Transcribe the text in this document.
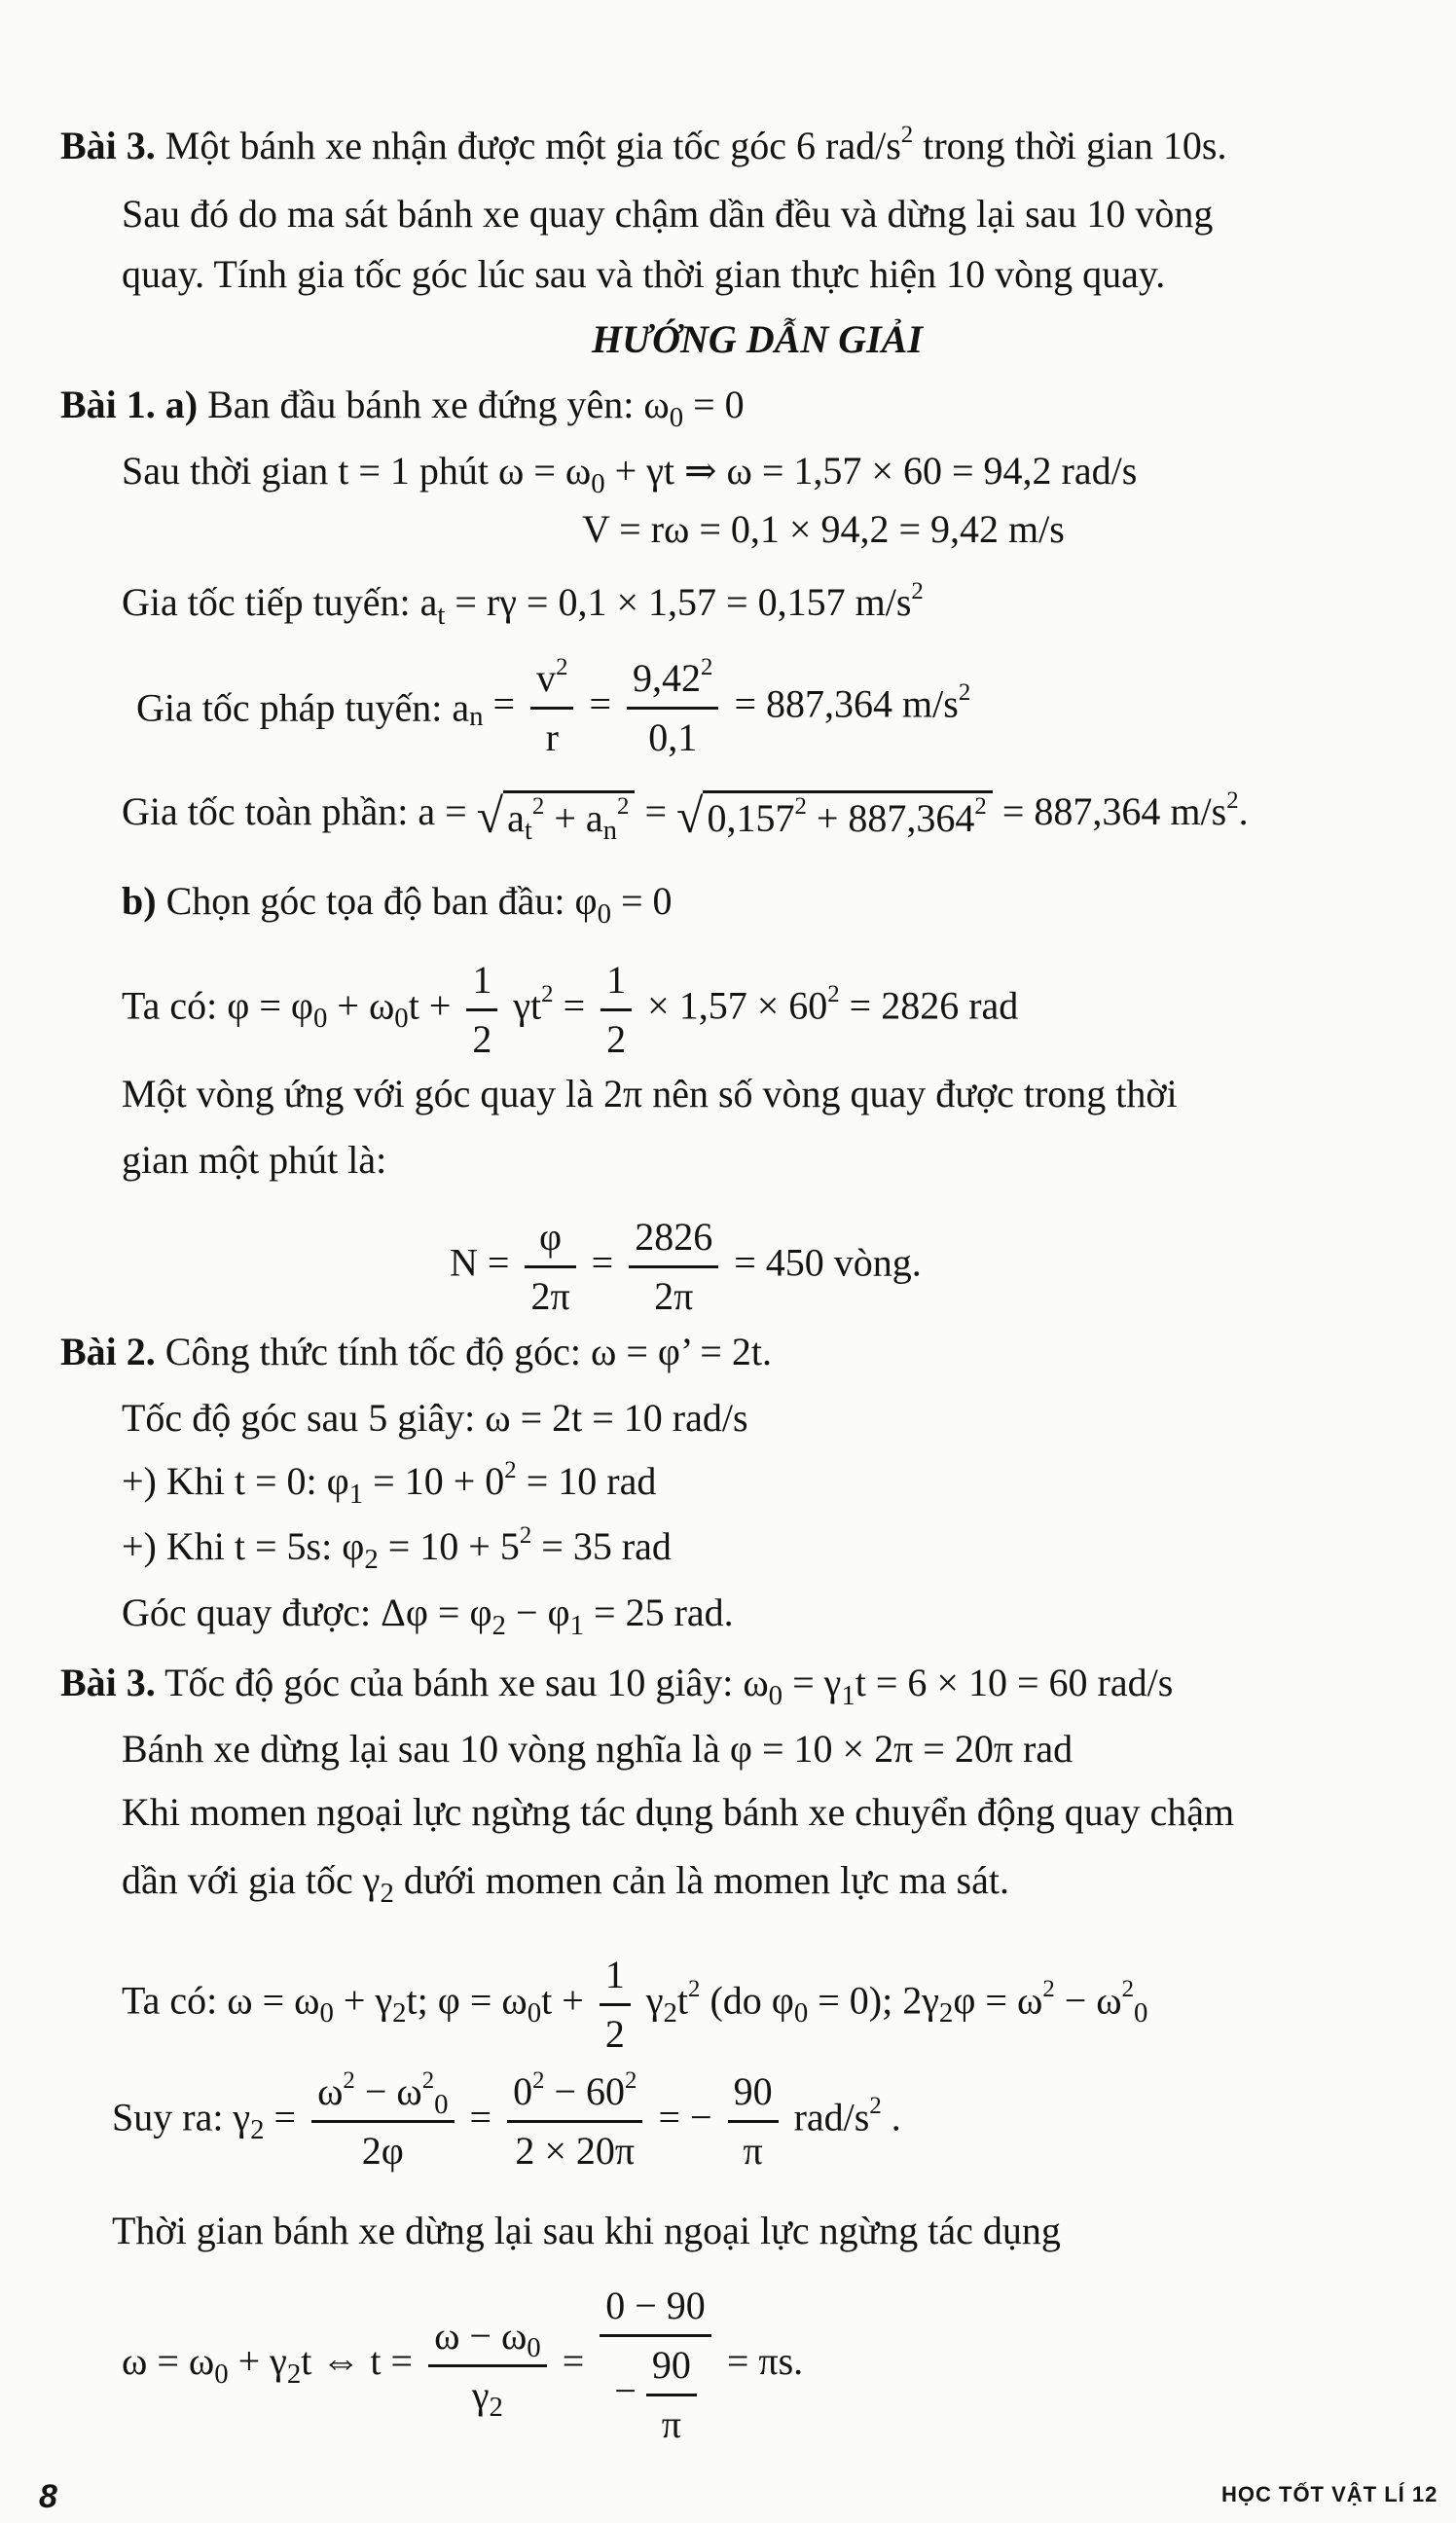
Bài 3. Một bánh xe nhận được một gia tốc góc 6 rad/$s^2$ trong thời gian 10s.
Sau đó do ma sát bánh xe quay chậm dần đều và dừng lại sau 10 vòng
quay. Tính gia tốc góc lúc sau và thời gian thực hiện 10 vòng quay.
HƯỚNG DẪN GIẢI
Bài 1. a) Ban đầu bánh xe đứng yên: $\omega_0 = 0$
Sau thời gian t = 1 phút $\omega = \omega_0 + \gamma t$ ⇒ ω = 1,57 × 60 = 94,2 rad/s
V = rω = 0,1 × 94,2 = 9,42 m/s
Gia tốc tiếp tuyến: $a_t = r\gamma = 0,1 \times 1,57 = 0,157$ $m/s^2$
Gia tốc pháp tuyến: $a_n = \frac{v^2}{r} = \frac{9,42^2}{0,1} = 887,364$ $m/s^2$
Gia tốc toàn phần: a = √ $a_t^2 + a_n^2$ = √ $0,157^2 + 887,364^2 = 887,364$ $m/s^2$.
b) Chọn góc tọa độ ban đầu: $\varphi_0 = 0$
Ta có: $\varphi = \varphi_0 + \omega_0t + \frac{1}{2} \gamma t^2 = \frac{1}{2} \times 1,57 \times 60^2 = 2826$ rad
Một vòng ứng với góc quay là 2π nên số vòng quay được trong thời
gian một phút là:
$N = \frac{\varphi}{2\pi} = \frac{2826}{2\pi} = 450$ vòng.
Bài 2. Công thức tính tốc độ góc: ω = φ’ = 2t.
Tốc độ góc sau 5 giây: ω = 2t = 10 rad/s
+) Khi t = 0: $\varphi_1 = 10 + 0^2 = 10$ rad
+) Khi t = 5s: $\varphi_2 = 10 + 5^2 = 35$ rad
Góc quay được: $\Delta\varphi = \varphi_2 - \varphi_1 = 25$ rad.
Bài 3. Tốc độ góc của bánh xe sau 10 giây: $\omega_0 = \gamma_1t = 6 \times 10 = 60$ rad/s
Bánh xe dừng lại sau 10 vòng nghĩa là φ = 10 × 2π = 20π rad
Khi momen ngoại lực ngừng tác dụng bánh xe chuyển động quay chậm
dần với gia tốc $\gamma_2$ dưới momen cản là momen lực ma sát.
Ta có: $\omega = \omega_0 + \gamma_2t$; $\varphi = \omega_0t + \frac{1}{2} \gamma_2t^2$ (do $\varphi_0 = 0$); $2\gamma_2\varphi = \omega^2 - \omega^2_0$
Suy ra: $\gamma_2 = \frac{\omega^2 - \omega^2_0}{2\varphi} = \frac{0^2 - 60^2}{2 \times 20\pi}$ = − $\frac{90}{\pi} rad/s^2$ .
Thời gian bánh xe dừng lại sau khi ngoại lực ngừng tác dụng
$\omega = \omega_0 + \gamma_2t$ ⇔ $t = \frac{\omega - \omega_0}{\gamma_2} = \frac{0 - 90}{- \frac{90}{\pi}} = \pi s$.
8	HỌC TỐT VẬT LÍ 12
